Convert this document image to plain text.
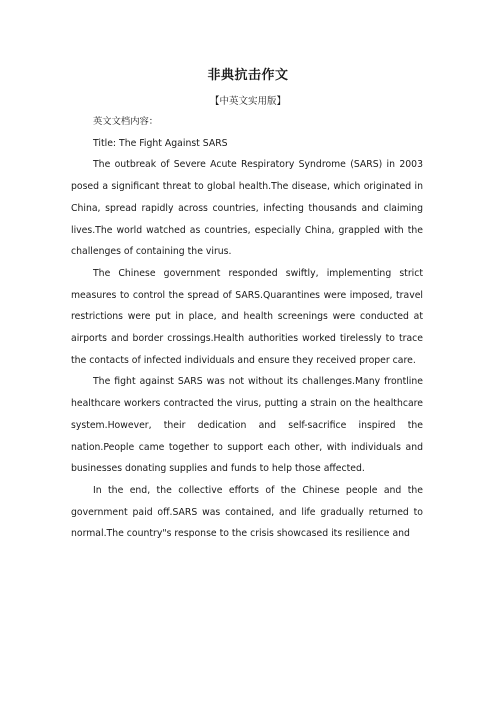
非典抗击作文
【中英文实用版】

英文文档内容：

Title: The Fight Against SARS

The outbreak of Severe Acute Respiratory Syndrome (SARS) in 2003 posed a significant threat to global health.The disease, which originated in China, spread rapidly across countries, infecting thousands and claiming lives.The world watched as countries, especially China, grappled with the challenges of containing the virus.

The Chinese government responded swiftly, implementing strict measures to control the spread of SARS.Quarantines were imposed, travel restrictions were put in place, and health screenings were conducted at airports and border crossings.Health authorities worked tirelessly to trace the contacts of infected individuals and ensure they received proper care.

The fight against SARS was not without its challenges.Many frontline healthcare workers contracted the virus, putting a strain on the healthcare system.However, their dedication and self-sacrifice inspired the nation.People came together to support each other, with individuals and businesses donating supplies and funds to help those affected.

In the end, the collective efforts of the Chinese people and the government paid off.SARS was contained, and life gradually returned to normal.The country"s response to the crisis showcased its resilience and
